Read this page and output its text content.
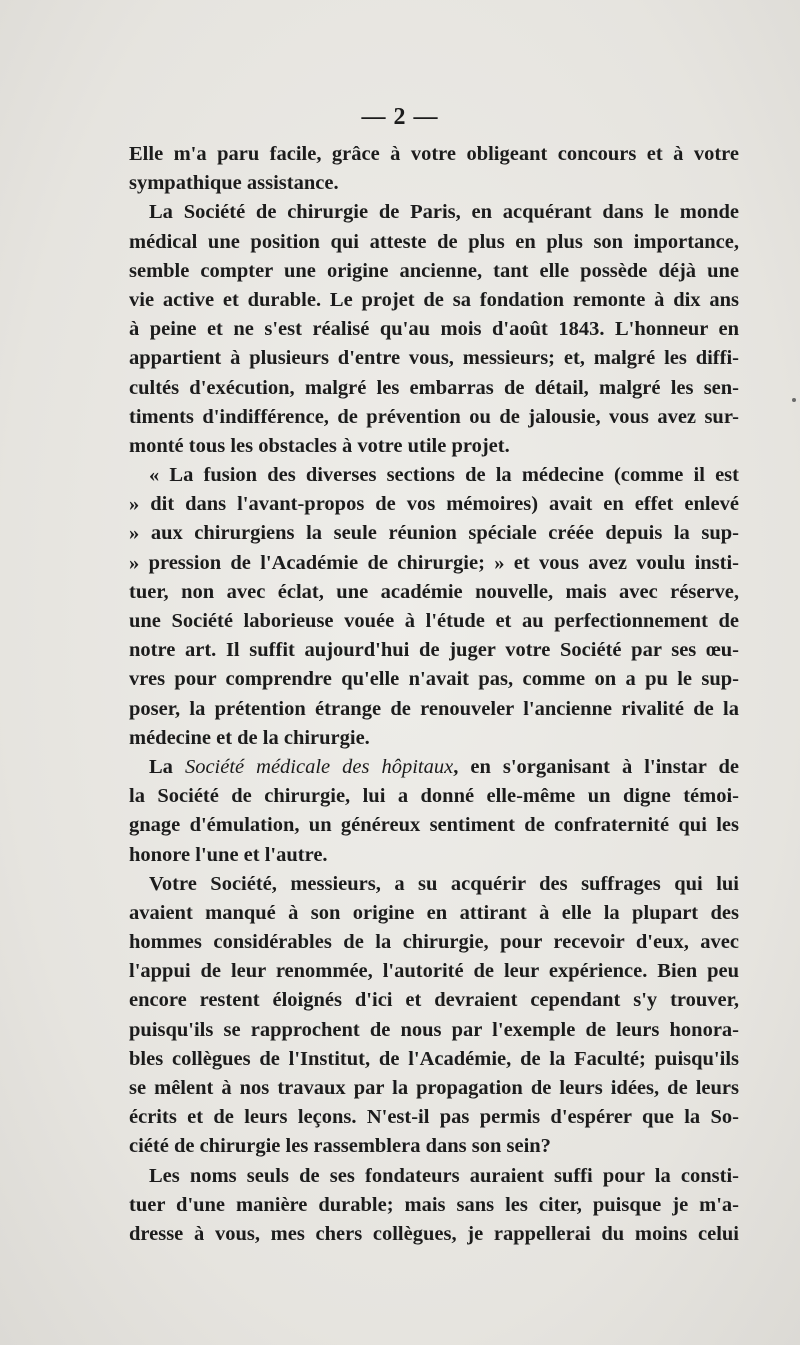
— 2 —
Elle m'a paru facile, grâce à votre obligeant concours et à votre
sympathique assistance.
La Société de chirurgie de Paris, en acquérant dans le monde
médical une position qui atteste de plus en plus son importance,
semble compter une origine ancienne, tant elle possède déjà une
vie active et durable. Le projet de sa fondation remonte à dix ans
à peine et ne s'est réalisé qu'au mois d'août 1843. L'honneur en
appartient à plusieurs d'entre vous, messieurs; et, malgré les diffi-
cultés d'exécution, malgré les embarras de détail, malgré les sen-
timents d'indifférence, de prévention ou de jalousie, vous avez sur-
monté tous les obstacles à votre utile projet.
« La fusion des diverses sections de la médecine (comme il est
» dit dans l'avant-propos de vos mémoires) avait en effet enlevé
» aux chirurgiens la seule réunion spéciale créée depuis la sup-
» pression de l'Académie de chirurgie; » et vous avez voulu insti-
tuer, non avec éclat, une académie nouvelle, mais avec réserve,
une Société laborieuse vouée à l'étude et au perfectionnement de
notre art. Il suffit aujourd'hui de juger votre Société par ses œu-
vres pour comprendre qu'elle n'avait pas, comme on a pu le sup-
poser, la prétention étrange de renouveler l'ancienne rivalité de la
médecine et de la chirurgie.
La Société médicale des hôpitaux, en s'organisant à l'instar de
la Société de chirurgie, lui a donné elle-même un digne témoi-
gnage d'émulation, un généreux sentiment de confraternité qui les
honore l'une et l'autre.
Votre Société, messieurs, a su acquérir des suffrages qui lui
avaient manqué à son origine en attirant à elle la plupart des
hommes considérables de la chirurgie, pour recevoir d'eux, avec
l'appui de leur renommée, l'autorité de leur expérience. Bien peu
encore restent éloignés d'ici et devraient cependant s'y trouver,
puisqu'ils se rapprochent de nous par l'exemple de leurs honora-
bles collègues de l'Institut, de l'Académie, de la Faculté; puisqu'ils
se mêlent à nos travaux par la propagation de leurs idées, de leurs
écrits et de leurs leçons. N'est-il pas permis d'espérer que la So-
ciété de chirurgie les rassemblera dans son sein?
Les noms seuls de ses fondateurs auraient suffi pour la consti-
tuer d'une manière durable; mais sans les citer, puisque je m'a-
dresse à vous, mes chers collègues, je rappellerai du moins celui
